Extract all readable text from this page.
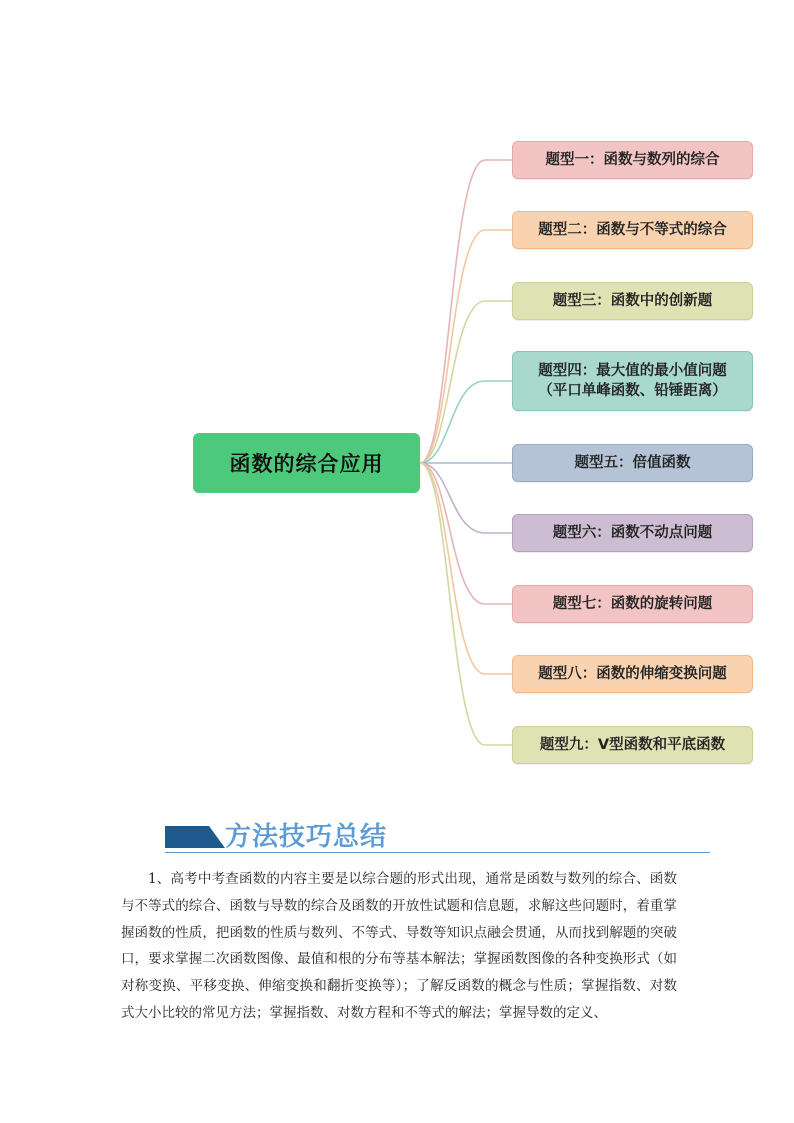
函数的综合应用
题型一：函数与数列的综合
题型二：函数与不等式的综合
题型三：函数中的创新题
题型四：最大值的最小值问题
（平口单峰函数、铅锤距离）
题型五：倍值函数
题型六：函数不动点问题
题型七：函数的旋转问题
题型八：函数的伸缩变换问题
题型九：V型函数和平底函数
方法技巧总结

1、高考中考查函数的内容主要是以综合题的形式出现，通常是函数与数列的综合、函数与不等式的综合、函数与导数的综合及函数的开放性试题和信息题，求解这些问题时，着重掌握函数的性质，把函数的性质与数列、不等式、导数等知识点融会贯通，从而找到解题的突破口，要求掌握二次函数图像、最值和根的分布等基本解法；掌握函数图像的各种变换形式（如对称变换、平移变换、伸缩变换和翻折变换等）；了解反函数的概念与性质；掌握指数、对数式大小比较的常见方法；掌握指数、对数方程和不等式的解法；掌握导数的定义、
